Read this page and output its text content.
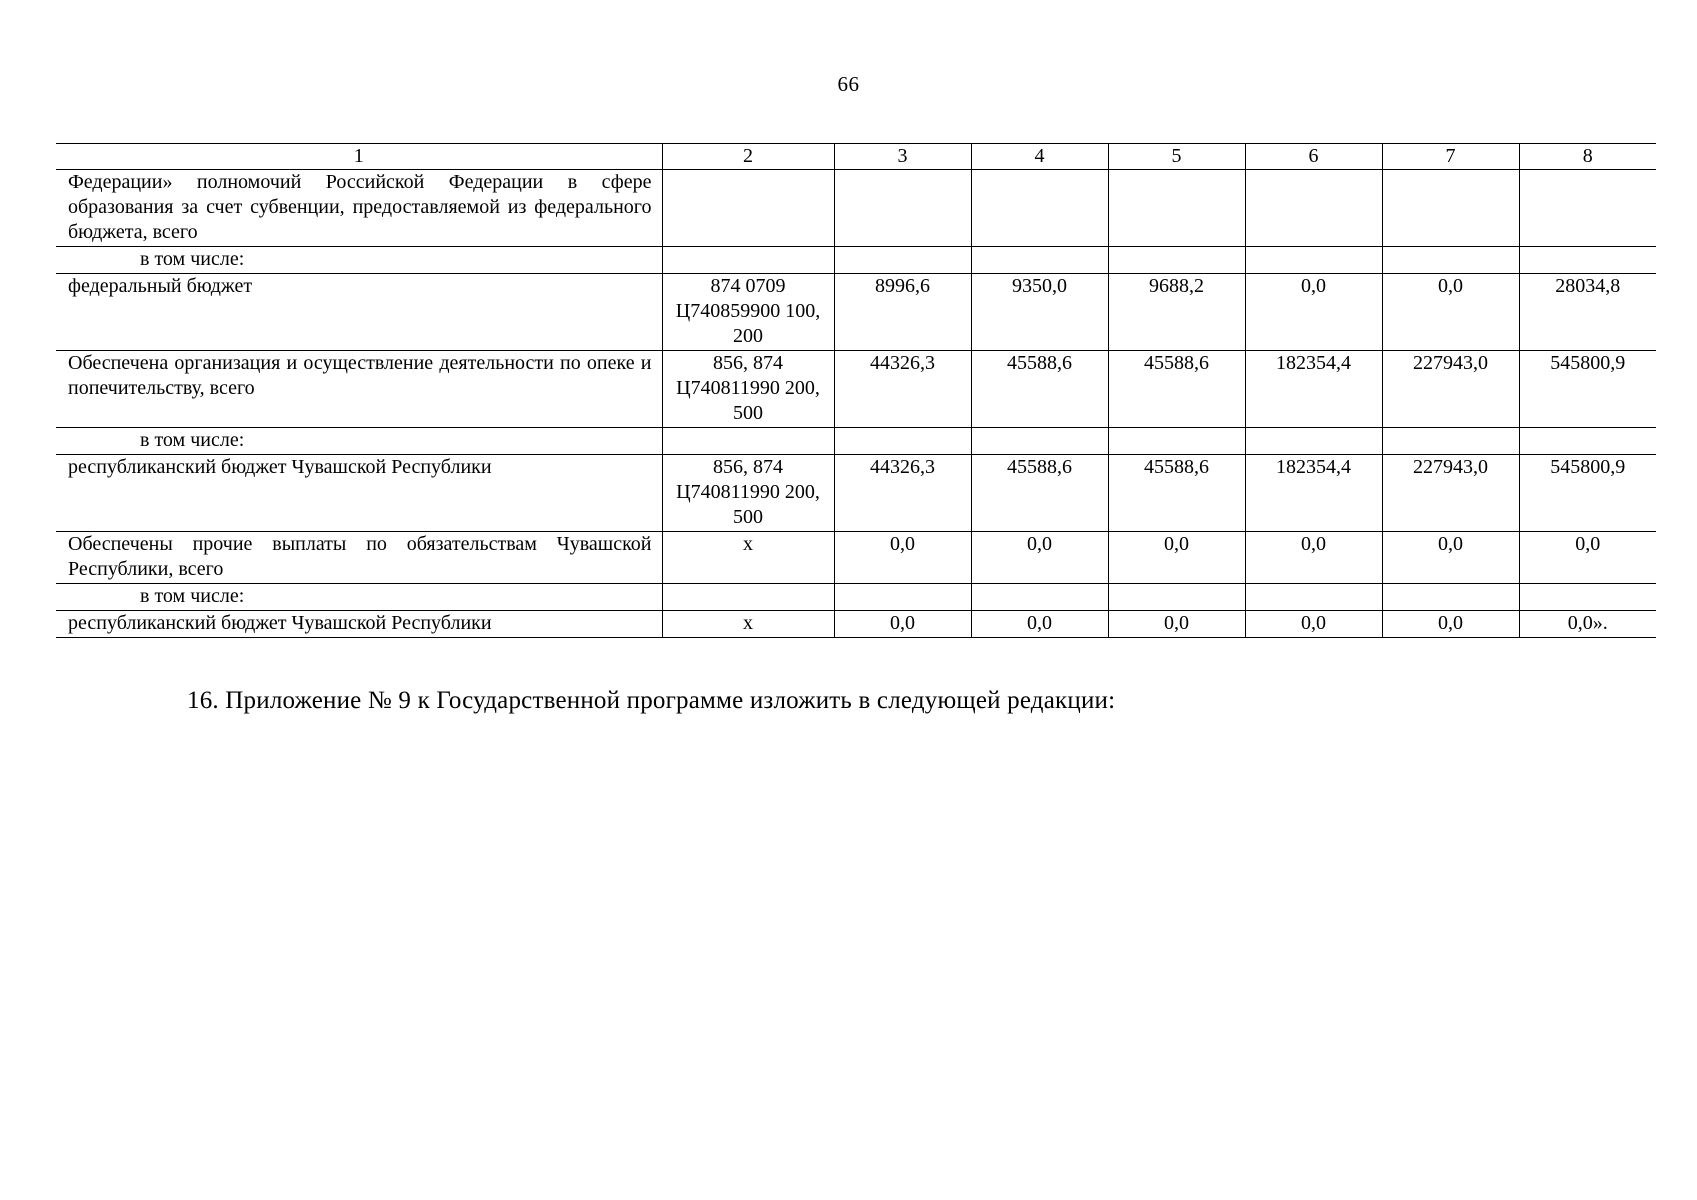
66
1	2	3	4	5	6	7	8
Федерации» полномочий Российской Федерации в сфере образования за счет субвенции, предоставляемой из федерального бюджета, всего							
в том числе:							
федеральный бюджет	874 0709 Ц740859900 100, 200	8996,6	9350,0	9688,2	0,0	0,0	28034,8
Обеспечена организация и осуществление деятельности по опеке и попечительству, всего	856, 874 Ц740811990 200, 500	44326,3	45588,6	45588,6	182354,4	227943,0	545800,9
в том числе:							
республиканский бюджет Чувашской Республики	856, 874 Ц740811990 200, 500	44326,3	45588,6	45588,6	182354,4	227943,0	545800,9
Обеспечены прочие выплаты по обязательствам Чувашской Республики, всего	х	0,0	0,0	0,0	0,0	0,0	0,0
в том числе:							
республиканский бюджет Чувашской Республики	х	0,0	0,0	0,0	0,0	0,0	0,0».
16. Приложение № 9 к Государственной программе изложить в следующей редакции:
